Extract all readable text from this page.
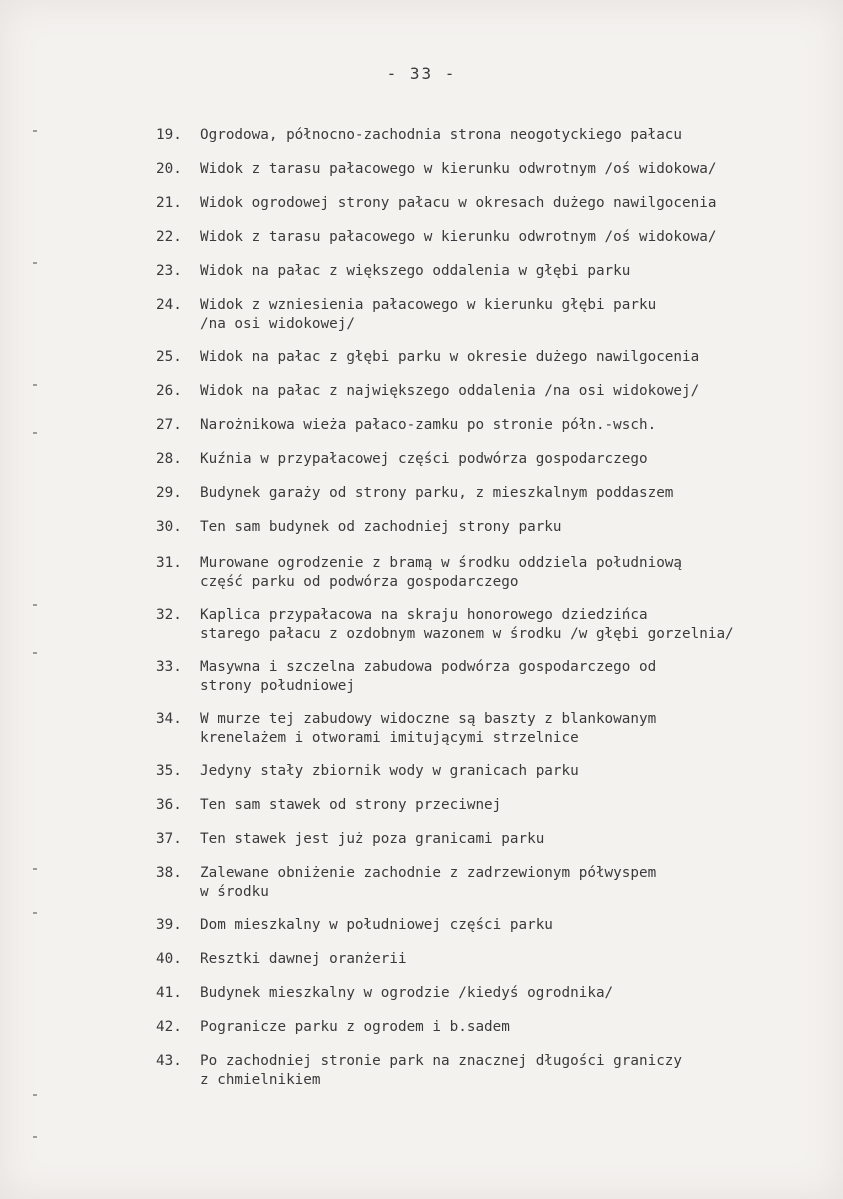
- 33 -
19.	Ogrodowa, północno-zachodnia strona neogotyckiego pałacu
20.	Widok z tarasu pałacowego w kierunku odwrotnym /oś widokowa/
21.	Widok ogrodowej strony pałacu w okresach dużego nawilgocenia
22.	Widok z tarasu pałacowego w kierunku odwrotnym /oś widokowa/
23.	Widok na pałac z większego oddalenia w głębi parku
24.	Widok z wzniesienia pałacowego w kierunku głębi parku
/na osi widokowej/
25.	Widok na pałac z głębi parku w okresie dużego nawilgocenia
26.	Widok na pałac z największego oddalenia /na osi widokowej/
27.	Narożnikowa wieża pałaco-zamku po stronie półn.-wsch.
28.	Kuźnia w przypałacowej części podwórza gospodarczego
29.	Budynek garaży od strony parku, z mieszkalnym poddaszem
30.	Ten sam budynek od zachodniej strony parku
31.	Murowane ogrodzenie z bramą w środku oddziela południową
część parku od podwórza gospodarczego
32.	Kaplica przypałacowa na skraju honorowego dziedzińca
starego pałacu z ozdobnym wazonem w środku /w głębi gorzelnia/
33.	Masywna i szczelna zabudowa podwórza gospodarczego od
strony południowej
34.	W murze tej zabudowy widoczne są baszty z blankowanym
krenelażem i otworami imitującymi strzelnice
35.	Jedyny stały zbiornik wody w granicach parku
36.	Ten sam stawek od strony przeciwnej
37.	Ten stawek jest już poza granicami parku
38.	Zalewane obniżenie zachodnie z zadrzewionym półwyspem
w środku
39.	Dom mieszkalny w południowej części parku
40.	Resztki dawnej oranżerii
41.	Budynek mieszkalny w ogrodzie /kiedyś ogrodnika/
42.	Pogranicze parku z ogrodem i b.sadem
43.	Po zachodniej stronie park na znacznej długości graniczy
z chmielnikiem
